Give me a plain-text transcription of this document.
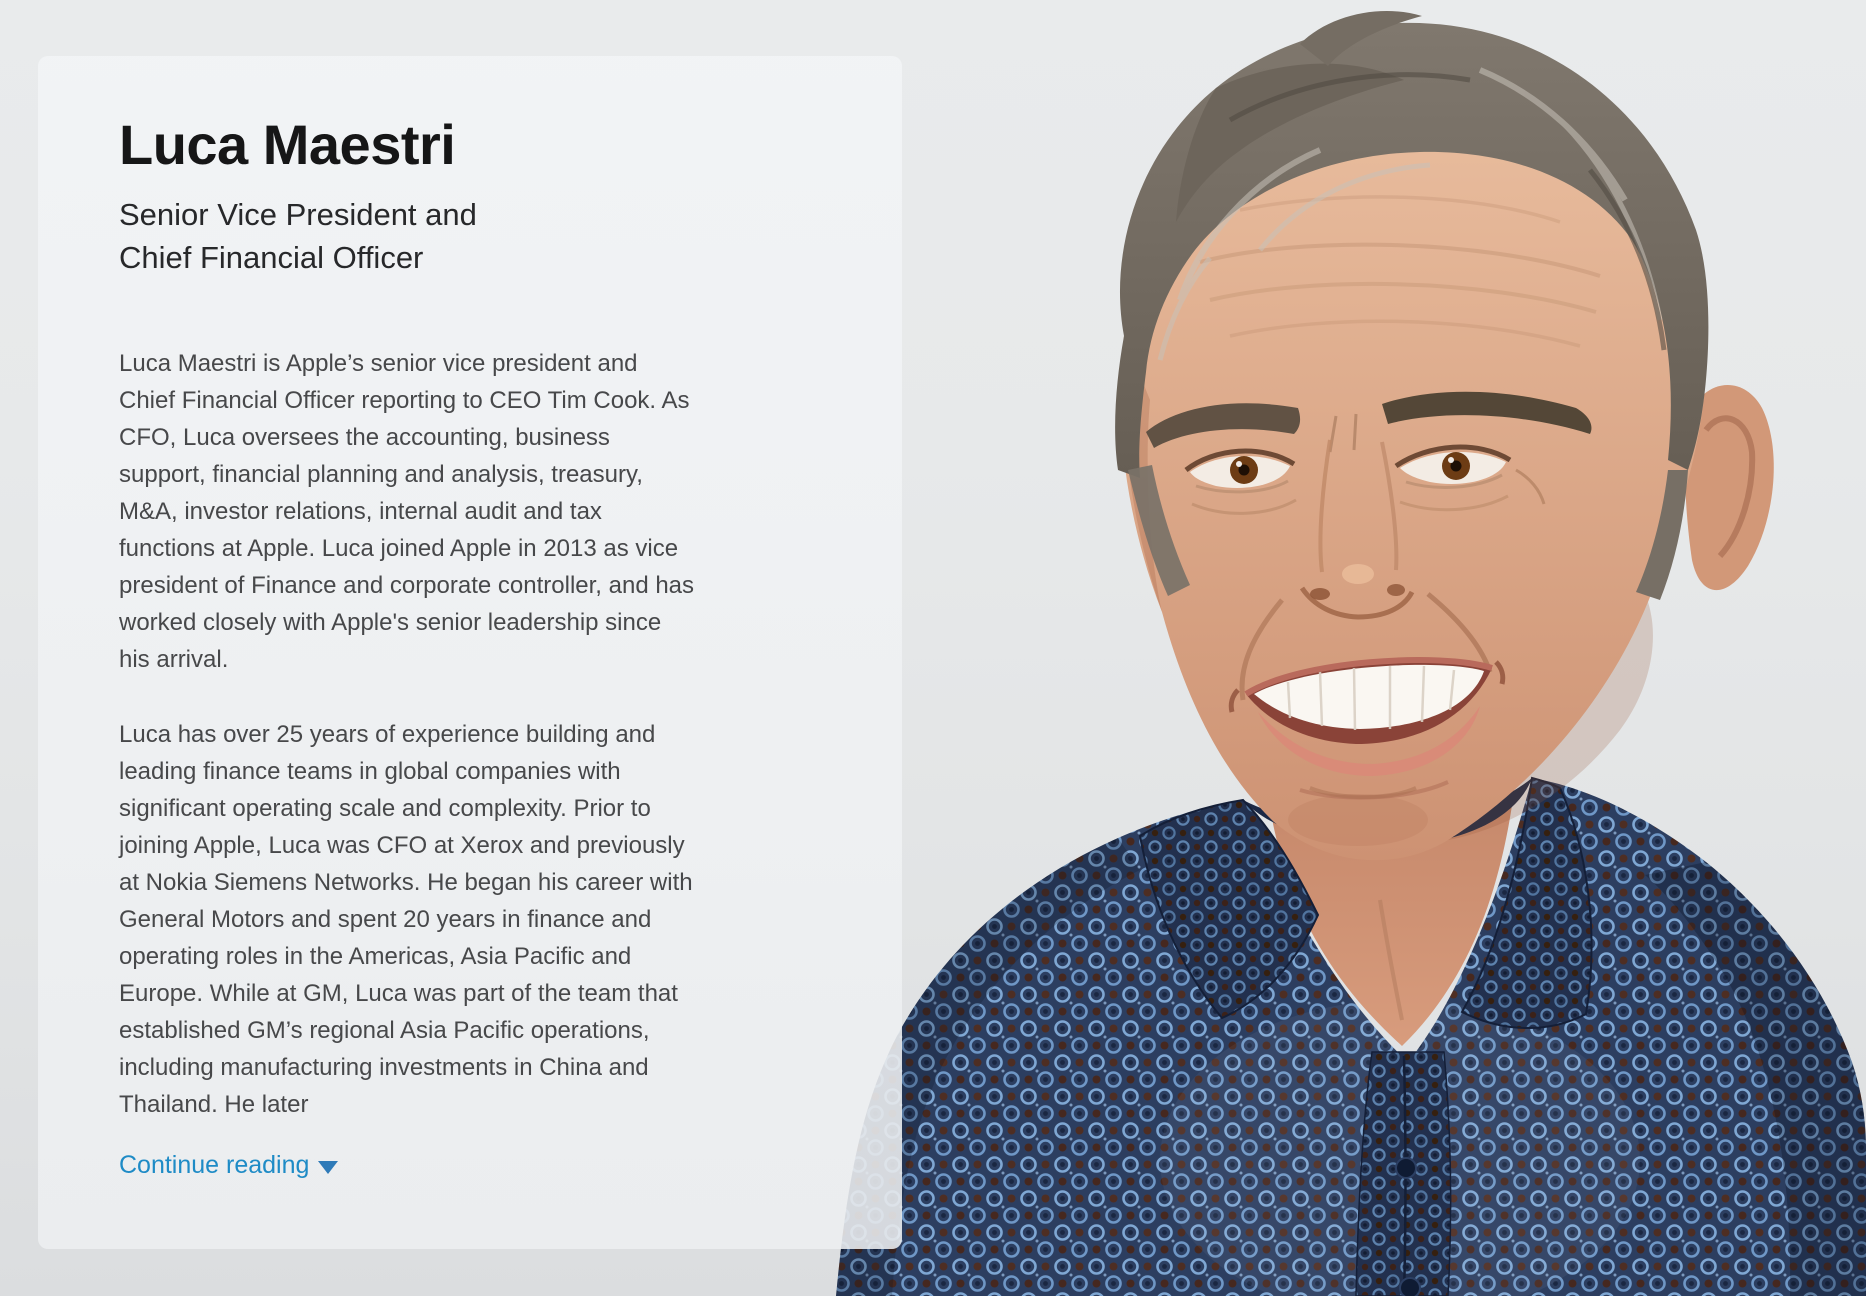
Luca Maestri
Senior Vice President and
Chief Financial Officer

Luca Maestri is Apple’s senior vice president and Chief Financial Officer reporting to CEO Tim Cook. As CFO, Luca oversees the accounting, business support, financial planning and analysis, treasury, M&A, investor relations, internal audit and tax functions at Apple. Luca joined Apple in 2013 as vice president of Finance and corporate controller, and has worked closely with Apple's senior leadership since his arrival.

Luca has over 25 years of experience building and leading finance teams in global companies with significant operating scale and complexity. Prior to joining Apple, Luca was CFO at Xerox and previously at Nokia Siemens Networks. He began his career with General Motors and spent 20 years in finance and operating roles in the Americas, Asia Pacific and Europe. While at GM, Luca was part of the team that established GM’s regional Asia Pacific operations, including manufacturing investments in China and Thailand. He later

Continue reading
